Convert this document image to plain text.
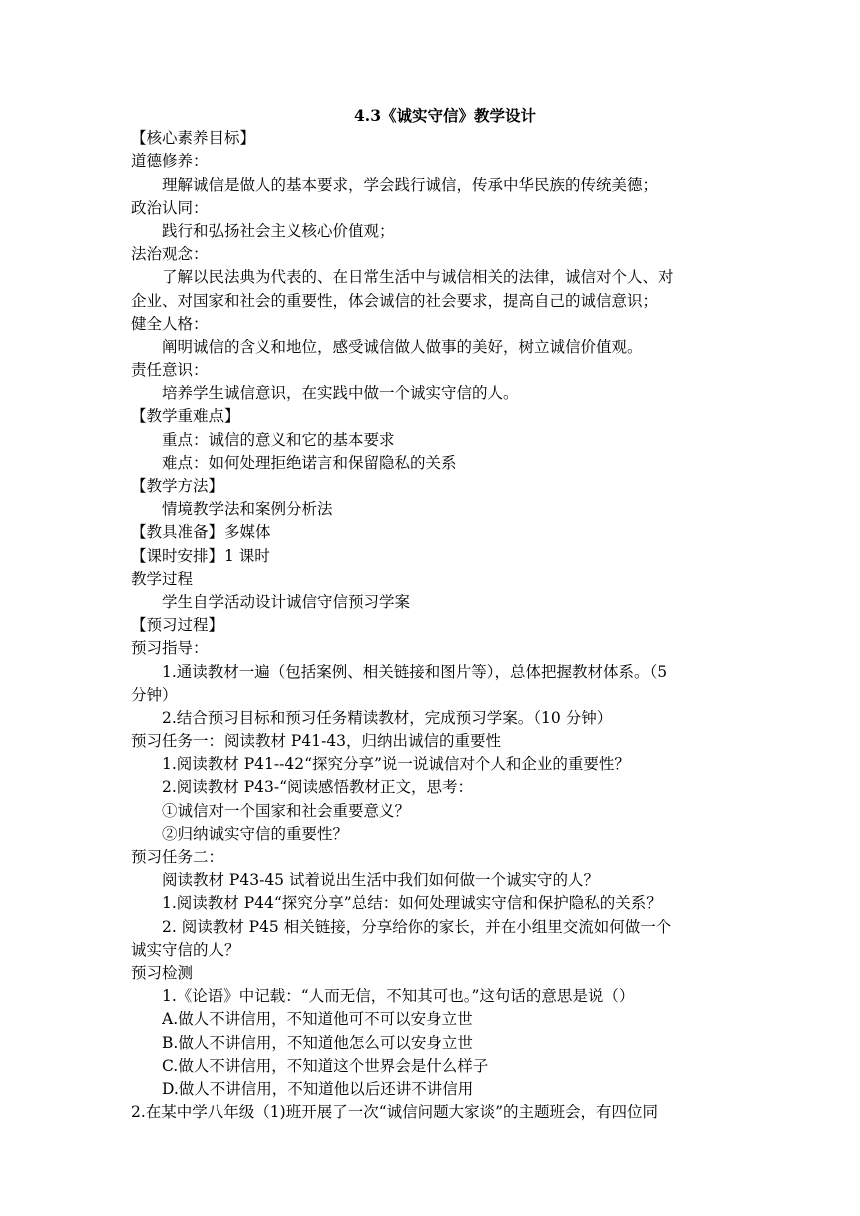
4.3《诚实守信》教学设计
【核心素养目标】
道德修养：
理解诚信是做人的基本要求，学会践行诚信，传承中华民族的传统美德；
政治认同：
践行和弘扬社会主义核心价值观；
法治观念：
了解以民法典为代表的、在日常生活中与诚信相关的法律，诚信对个人、对
企业、对国家和社会的重要性，体会诚信的社会要求，提高自己的诚信意识；
健全人格：
阐明诚信的含义和地位，感受诚信做人做事的美好，树立诚信价值观。
责任意识：
培养学生诚信意识，在实践中做一个诚实守信的人。
【教学重难点】
重点：诚信的意义和它的基本要求
难点：如何处理拒绝诺言和保留隐私的关系
【教学方法】
情境教学法和案例分析法
【教具准备】多媒体
【课时安排】1 课时
教学过程
学生自学活动设计诚信守信预习学案
【预习过程】
预习指导：
1.通读教材一遍（包括案例、相关链接和图片等），总体把握教材体系。（5
分钟）
2.结合预习目标和预习任务精读教材，完成预习学案。（10 分钟）
预习任务一：阅读教材 P41-43，归纳出诚信的重要性
1.阅读教材 P41--42“探究分享”说一说诚信对个人和企业的重要性？
2.阅读教材 P43-“阅读感悟教材正文，思考：
①诚信对一个国家和社会重要意义？
②归纳诚实守信的重要性？
预习任务二：
阅读教材 P43-45 试着说出生活中我们如何做一个诚实守的人？
1.阅读教材 P44“探究分享”总结：如何处理诚实守信和保护隐私的关系？
2. 阅读教材 P45 相关链接，分享给你的家长，并在小组里交流如何做一个
诚实守信的人？
预习检测
1.《论语》中记载：“人而无信，不知其可也。”这句话的意思是说（）
A.做人不讲信用，不知道他可不可以安身立世
B.做人不讲信用，不知道他怎么可以安身立世
C.做人不讲信用，不知道这个世界会是什么样子
D.做人不讲信用，不知道他以后还讲不讲信用
2.在某中学八年级（1)班开展了一次“诚信问题大家谈”的主题班会，有四位同
